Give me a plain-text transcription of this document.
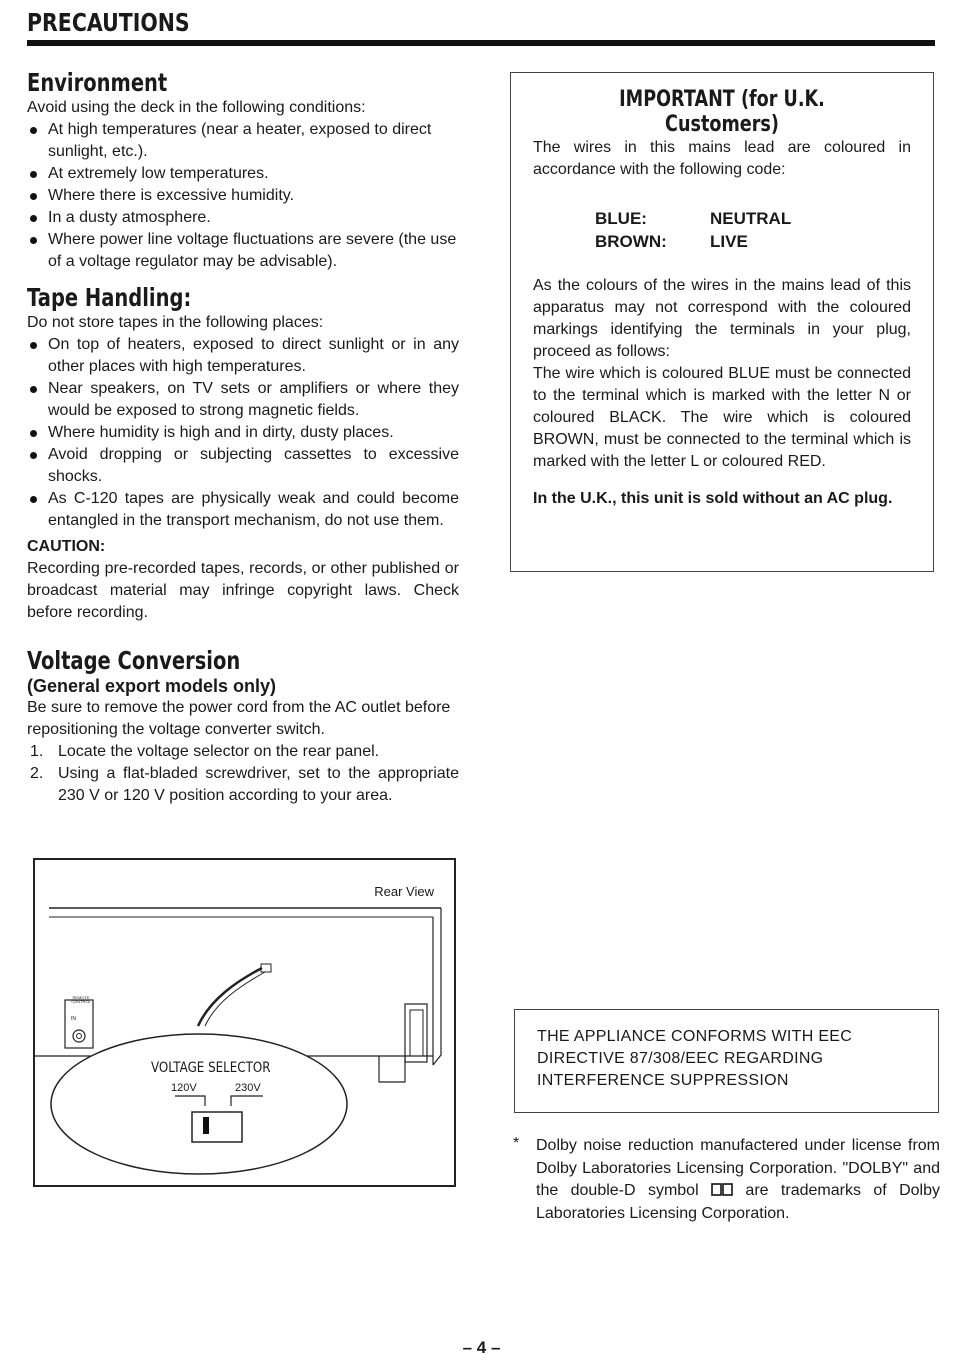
PRECAUTIONS
Environment

Avoid using the deck in the following conditions:

At high temperatures (near a heater, exposed to direct sunlight, etc.).
At extremely low temperatures.
Where there is excessive humidity.
In a dusty atmosphere.
Where power line voltage fluctuations are severe (the use of a voltage regulator may be advisable).
Tape Handling:

Do not store tapes in the following places:

On top of heaters, exposed to direct sunlight or in any other places with high temperatures.
Near speakers, on TV sets or amplifiers or where they would be exposed to strong magnetic fields.
Where humidity is high and in dirty, dusty places.
Avoid dropping or subjecting cassettes to excessive shocks.
As C-120 tapes are physically weak and could become entangled in the transport mechanism, do not use them.
CAUTION:

Recording pre-recorded tapes, records, or other published or broadcast material may infringe copyright laws. Check before recording.

Voltage Conversion
(General export models only)

Be sure to remove the power cord from the AC outlet before repositioning the voltage converter switch.

1. Locate the voltage selector on the rear panel.
2. Using a flat-bladed screwdriver, set to the appropriate 230 V or 120 V position according to your area.
Rear View
REMOTE CONTROL
IN
VOLTAGE SELECTOR
120V	230V
IMPORTANT (for U.K. Customers)

The wires in this mains lead are coloured in accordance with the following code:

BLUE:	NEUTRAL
BROWN:	LIVE

As the colours of the wires in the mains lead of this apparatus may not correspond with the coloured markings identifying the terminals in your plug, proceed as follows:

The wire which is coloured BLUE must be connected to the terminal which is marked with the letter N or coloured BLACK. The wire which is coloured BROWN, must be connected to the terminal which is marked with the letter L or coloured RED.

In the U.K., this unit is sold without an AC plug.
THE APPLIANCE CONFORMS WITH EEC DIRECTIVE 87/308/EEC REGARDING INTERFERENCE SUPPRESSION
* Dolby noise reduction manufactered under license from Dolby Laboratories Licensing Corporation. "DOLBY" and the double-D symbol	are trademarks of Dolby Laboratories Licensing Corporation.
– 4 –
